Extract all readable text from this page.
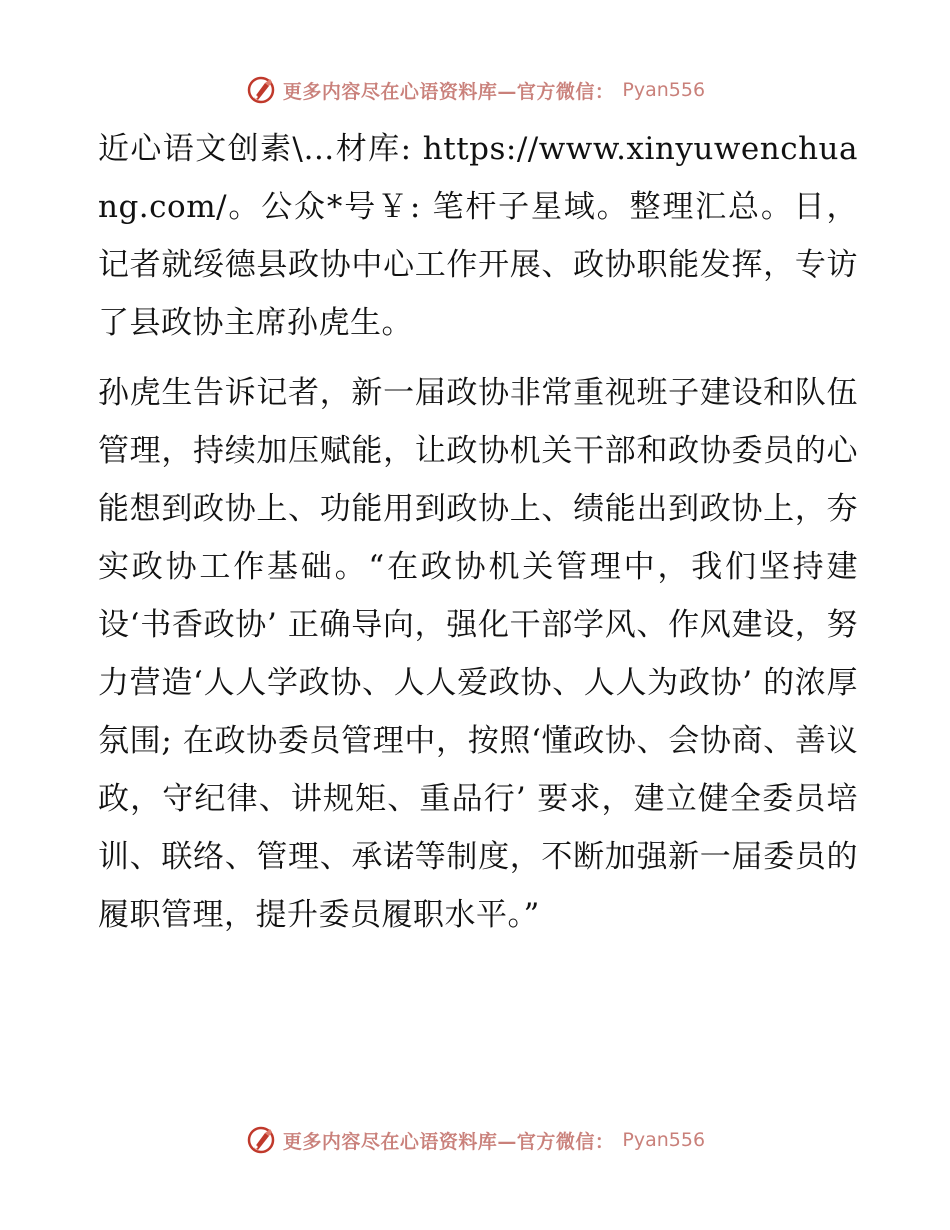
更多内容尽在心语资料库—官方微信： Pyan556

近心语文创素\…材库: https://www.xinyuwenchuang.com/。公众*号￥: 笔杆子星域。整理汇总。日，记者就绥德县政协中心工作开展、政协职能发挥，专访了县政协主席孙虎生。

孙虎生告诉记者，新一届政协非常重视班子建设和队伍管理，持续加压赋能，让政协机关干部和政协委员的心能想到政协上、功能用到政协上、绩能出到政协上，夯实政协工作基础。“在政协机关管理中，我们坚持建设‘书香政协’ 正确导向，强化干部学风、作风建设，努力营造‘人人学政协、人人爱政协、人人为政协’ 的浓厚氛围; 在政协委员管理中，按照‘懂政协、会协商、善议政，守纪律、讲规矩、重品行’ 要求，建立健全委员培训、联络、管理、承诺等制度，不断加强新一届委员的履职管理，提升委员履职水平。”

更多内容尽在心语资料库—官方微信： Pyan556
